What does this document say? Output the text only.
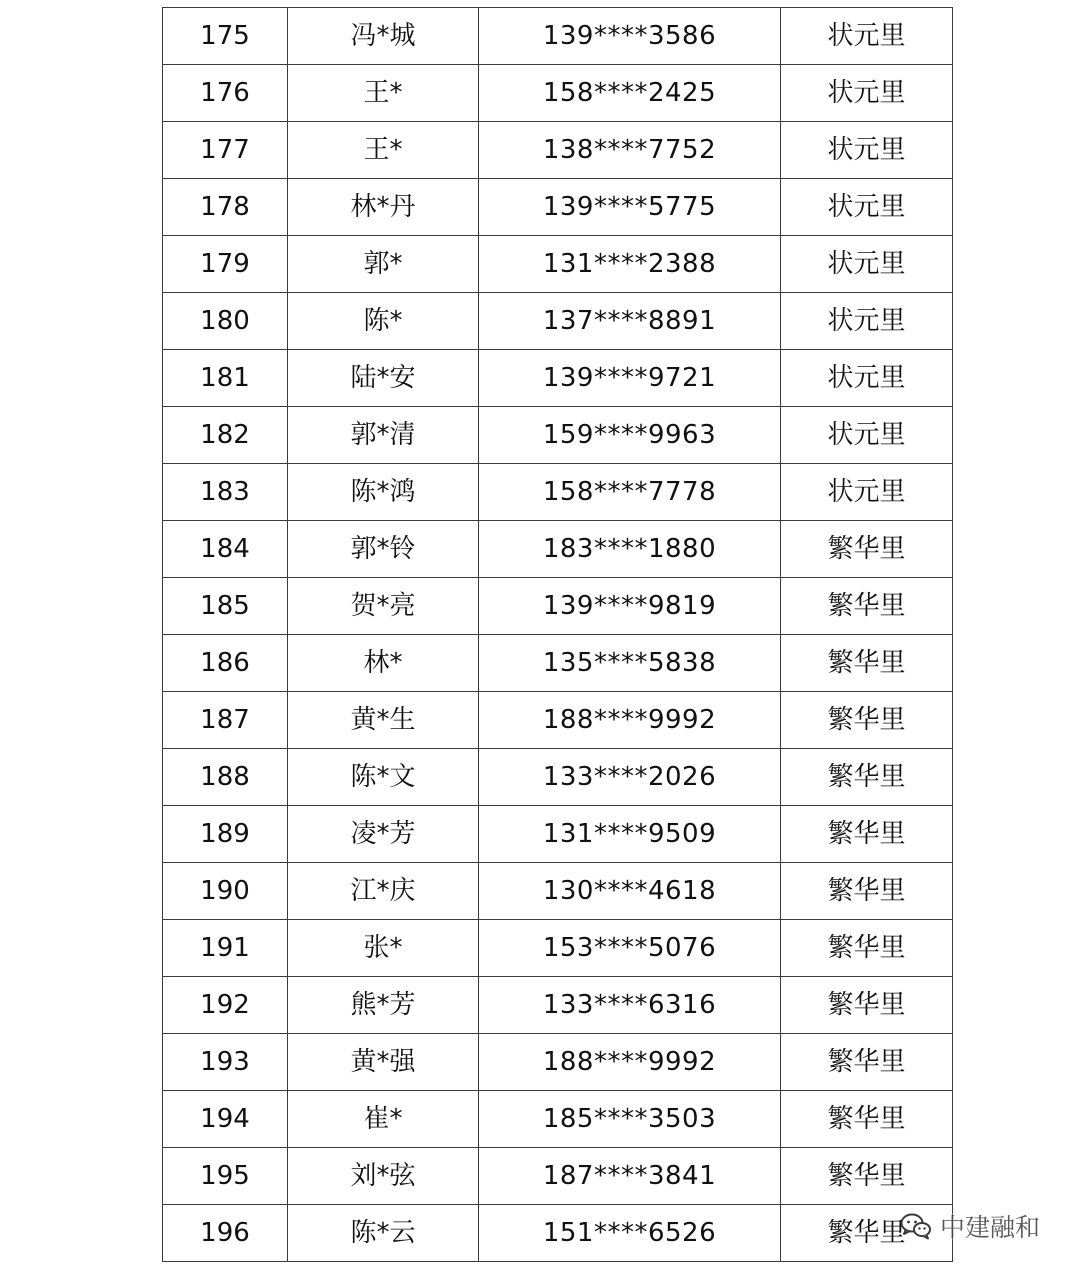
175	冯*城	139****3586	状元里
176	王*	158****2425	状元里
177	王*	138****7752	状元里
178	林*丹	139****5775	状元里
179	郭*	131****2388	状元里
180	陈*	137****8891	状元里
181	陆*安	139****9721	状元里
182	郭*清	159****9963	状元里
183	陈*鸿	158****7778	状元里
184	郭*铃	183****1880	繁华里
185	贺*亮	139****9819	繁华里
186	林*	135****5838	繁华里
187	黄*生	188****9992	繁华里
188	陈*文	133****2026	繁华里
189	凌*芳	131****9509	繁华里
190	江*庆	130****4618	繁华里
191	张*	153****5076	繁华里
192	熊*芳	133****6316	繁华里
193	黄*强	188****9992	繁华里
194	崔*	185****3503	繁华里
195	刘*弦	187****3841	繁华里
196	陈*云	151****6526	繁华里 中建融和
